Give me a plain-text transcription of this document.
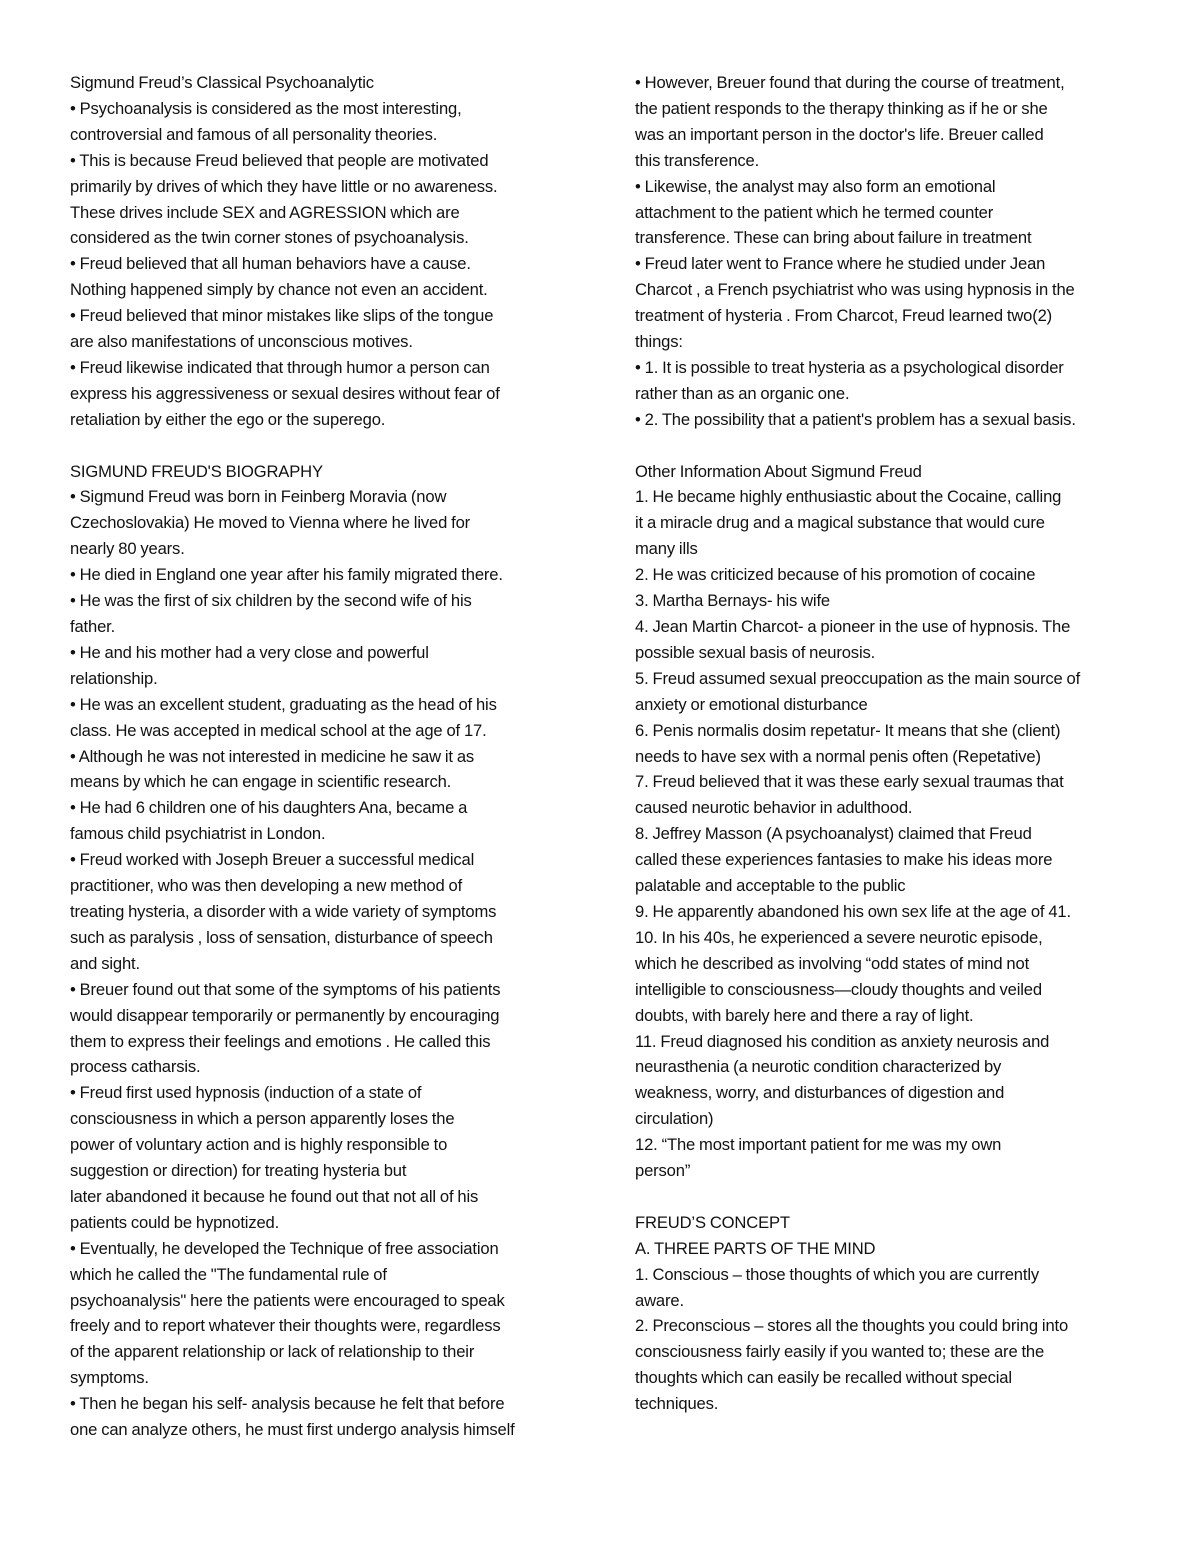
Sigmund Freud’s Classical Psychoanalytic

• Psychoanalysis is considered as the most interesting,
controversial and famous of all personality theories.

• This is because Freud believed that people are motivated
primarily by drives of which they have little or no awareness.
These drives include SEX and AGRESSION which are
considered as the twin corner stones of psychoanalysis.

• Freud believed that all human behaviors have a cause.
Nothing happened simply by chance not even an accident.

• Freud believed that minor mistakes like slips of the tongue
are also manifestations of unconscious motives.

• Freud likewise indicated that through humor a person can
express his aggressiveness or sexual desires without fear of
retaliation by either the ego or the superego.

SIGMUND FREUD'S BIOGRAPHY

• Sigmund Freud was born in Feinberg Moravia (now
Czechoslovakia) He moved to Vienna where he lived for
nearly 80 years.

• He died in England one year after his family migrated there.

• He was the first of six children by the second wife of his
father.

• He and his mother had a very close and powerful
relationship.

• He was an excellent student, graduating as the head of his
class. He was accepted in medical school at the age of 17.

• Although he was not interested in medicine he saw it as
means by which he can engage in scientific research.

• He had 6 children one of his daughters Ana, became a
famous child psychiatrist in London.

• Freud worked with Joseph Breuer a successful medical
practitioner, who was then developing a new method of
treating hysteria, a disorder with a wide variety of symptoms
such as paralysis , loss of sensation, disturbance of speech
and sight.

• Breuer found out that some of the symptoms of his patients
would disappear temporarily or permanently by encouraging
them to express their feelings and emotions . He called this
process catharsis.

• Freud first used hypnosis (induction of a state of
consciousness in which a person apparently loses the
power of voluntary action and is highly responsible to
suggestion or direction) for treating hysteria but
later abandoned it because he found out that not all of his
patients could be hypnotized.

• Eventually, he developed the Technique of free association
which he called the "The fundamental rule of
psychoanalysis" here the patients were encouraged to speak
freely and to report whatever their thoughts were, regardless
of the apparent relationship or lack of relationship to their
symptoms.

• Then he began his self- analysis because he felt that before
one can analyze others, he must first undergo analysis himself

• However, Breuer found that during the course of treatment,
the patient responds to the therapy thinking as if he or she
was an important person in the doctor's life. Breuer called
this transference.

• Likewise, the analyst may also form an emotional
attachment to the patient which he termed counter
transference. These can bring about failure in treatment

• Freud later went to France where he studied under Jean
Charcot , a French psychiatrist who was using hypnosis in the
treatment of hysteria . From Charcot, Freud learned two(2)
things:

• 1. It is possible to treat hysteria as a psychological disorder
rather than as an organic one.

• 2. The possibility that a patient's problem has a sexual basis.

Other Information About Sigmund Freud

1. He became highly enthusiastic about the Cocaine, calling
it a miracle drug and a magical substance that would cure
many ills

2. He was criticized because of his promotion of cocaine

3. Martha Bernays- his wife

4. Jean Martin Charcot- a pioneer in the use of hypnosis. The
possible sexual basis of neurosis.

5. Freud assumed sexual preoccupation as the main source of
anxiety or emotional disturbance

6. Penis normalis dosim repetatur- It means that she (client)
needs to have sex with a normal penis often (Repetative)

7. Freud believed that it was these early sexual traumas that
caused neurotic behavior in adulthood.

8. Jeffrey Masson (A psychoanalyst) claimed that Freud
called these experiences fantasies to make his ideas more
palatable and acceptable to the public

9. He apparently abandoned his own sex life at the age of 41.

10. In his 40s, he experienced a severe neurotic episode,
which he described as involving “odd states of mind not
intelligible to consciousness—cloudy thoughts and veiled
doubts, with barely here and there a ray of light.

11. Freud diagnosed his condition as anxiety neurosis and
neurasthenia (a neurotic condition characterized by
weakness, worry, and disturbances of digestion and
circulation)

12. “The most important patient for me was my own
person”

FREUD’S CONCEPT

A. THREE PARTS OF THE MIND

1. Conscious – those thoughts of which you are currently
aware.

2. Preconscious – stores all the thoughts you could bring into
consciousness fairly easily if you wanted to; these are the
thoughts which can easily be recalled without special
techniques.
